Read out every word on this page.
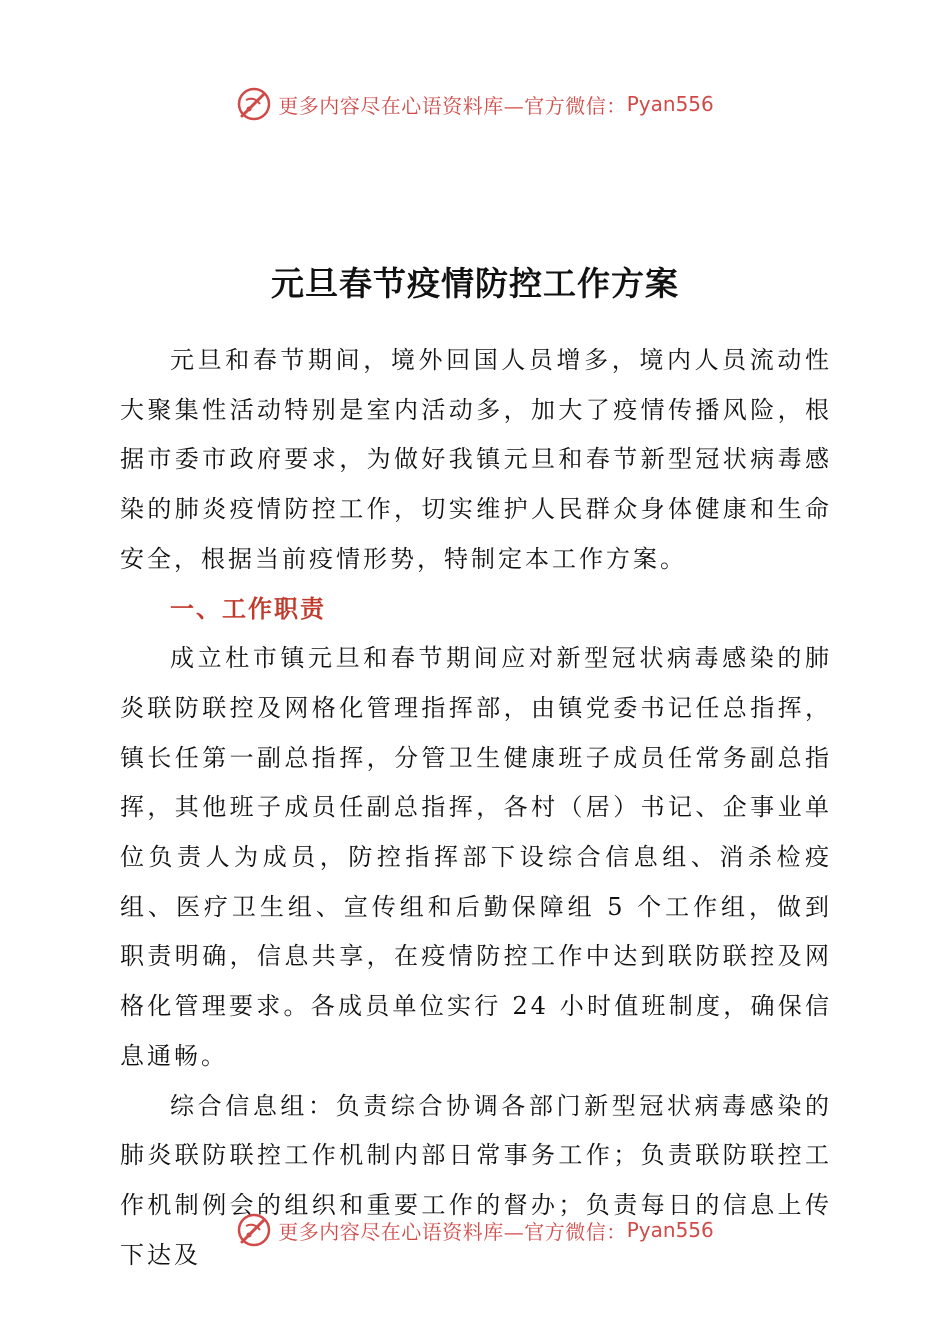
更多内容尽在心语资料库—官方微信： Pyan556
元旦春节疫情防控工作方案

元旦和春节期间，境外回国人员增多，境内人员流动性大聚集性活动特别是室内活动多，加大了疫情传播风险，根据市委市政府要求，为做好我镇元旦和春节新型冠状病毒感染的肺炎疫情防控工作，切实维护人民群众身体健康和生命安全，根据当前疫情形势，特制定本工作方案。

一、工作职责

成立杜市镇元旦和春节期间应对新型冠状病毒感染的肺炎联防联控及网格化管理指挥部，由镇党委书记任总指挥，镇长任第一副总指挥，分管卫生健康班子成员任常务副总指挥，其他班子成员任副总指挥，各村（居）书记、企事业单位负责人为成员，防控指挥部下设综合信息组、消杀检疫组、医疗卫生组、宣传组和后勤保障组 5 个工作组，做到职责明确，信息共享，在疫情防控工作中达到联防联控及网格化管理要求。各成员单位实行 24 小时值班制度，确保信息通畅。

综合信息组：负责综合协调各部门新型冠状病毒感染的肺炎联防联控工作机制内部日常事务工作；负责联防联控工作机制例会的组织和重要工作的督办；负责每日的信息上传下达及

更多内容尽在心语资料库—官方微信： Pyan556
